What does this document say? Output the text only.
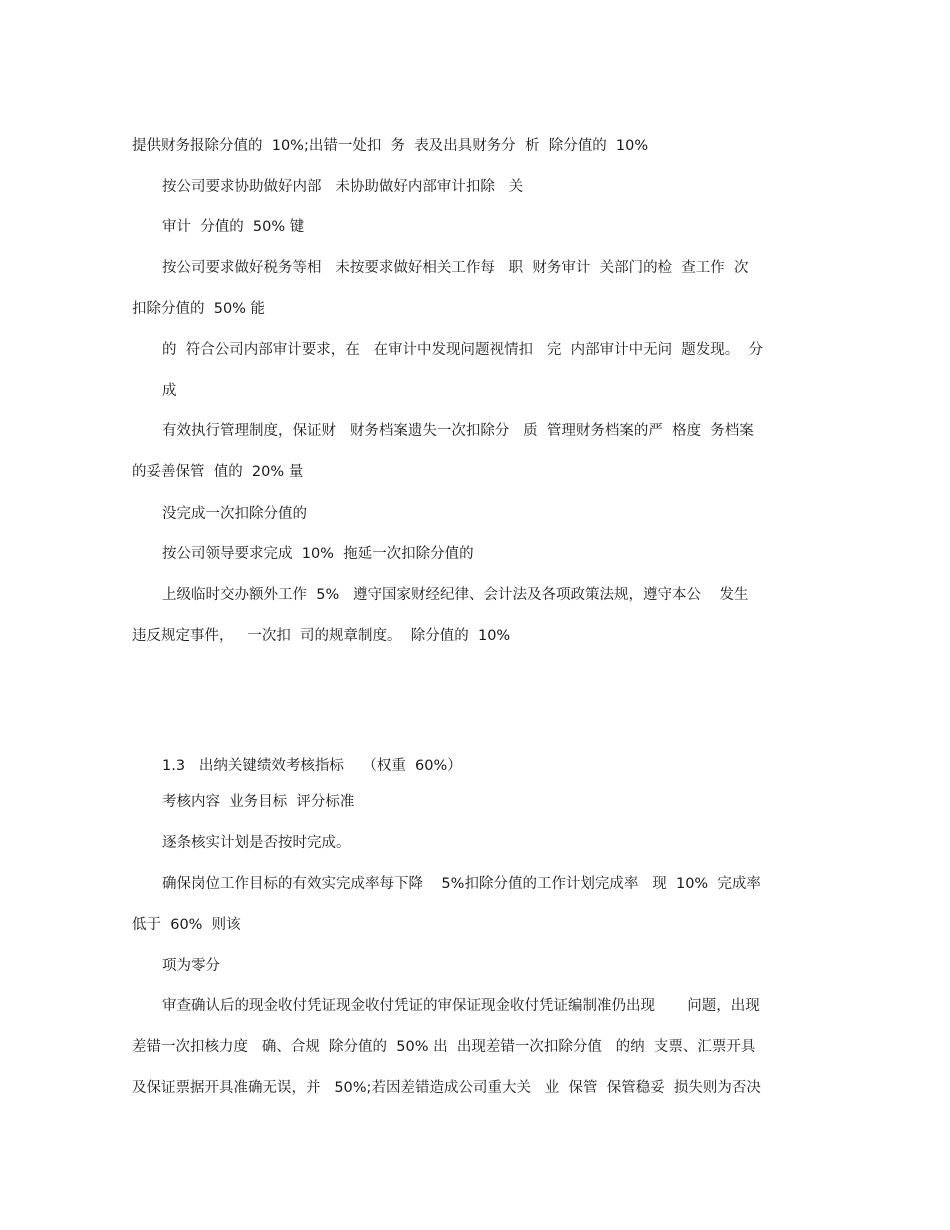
提供财务报除分值的  10%;出错一处扣  务  表及出具财务分  析  除分值的  10%
按公司要求协助做好内部   未协助做好内部审计扣除   关
审计  分值的  50% 键
按公司要求做好税务等相   未按要求做好相关工作每   职  财务审计  关部门的检  查工作  次
扣除分值的  50% 能
的  符合公司内部审计要求，在   在审计中发现问题视情扣   完  内部审计中无问  题发现。  分
成
有效执行管理制度，保证财   财务档案遗失一次扣除分   质  管理财务档案的严  格度  务档案
的妥善保管  值的  20% 量
没完成一次扣除分值的
按公司领导要求完成  10%  拖延一次扣除分值的
上级临时交办额外工作  5%   遵守国家财经纪律、会计法及各项政策法规，遵守本公    发生
违反规定事件，   一次扣  司的规章制度。  除分值的  10%
1.3   出纳关键绩效考核指标    （权重  60%）
考核内容  业务目标  评分标准
逐条核实计划是否按时完成。
确保岗位工作目标的有效实完成率每下降    5%扣除分值的工作计划完成率   现  10%  完成率
低于  60%  则该
项为零分
审查确认后的现金收付凭证现金收付凭证的审保证现金收付凭证编制准仍出现       问题，出现
差错一次扣核力度   确、合规  除分值的  50% 出  出现差错一次扣除分值   的纳  支票、汇票开具
及保证票据开具准确无误，并   50%;若因差错造成公司重大关   业  保管  保管稳妥  损失则为否决
